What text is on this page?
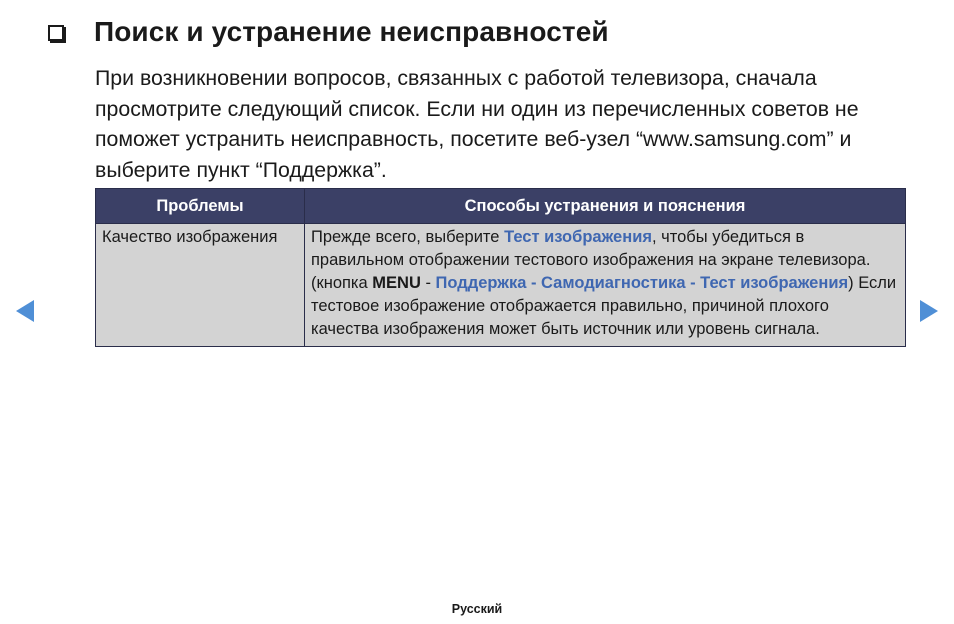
Поиск и устранение неисправностей

При возникновении вопросов, связанных с работой телевизора, сначала просмотрите следующий список. Если ни один из перечисленных советов не поможет устранить неисправность, посетите веб-узел “www.samsung.com” и выберите пункт “Поддержка”.

Проблемы	Способы устранения и пояснения
Качество изображения	Прежде всего, выберите Тест изображения, чтобы убедиться в правильном отображении тестового изображения на экране телевизора. (кнопка MENU - Поддержка - Самодиагностика - Тест изображения) Если тестовое изображение отображается правильно, причиной плохого качества изображения может быть источник или уровень сигнала.
Русский
